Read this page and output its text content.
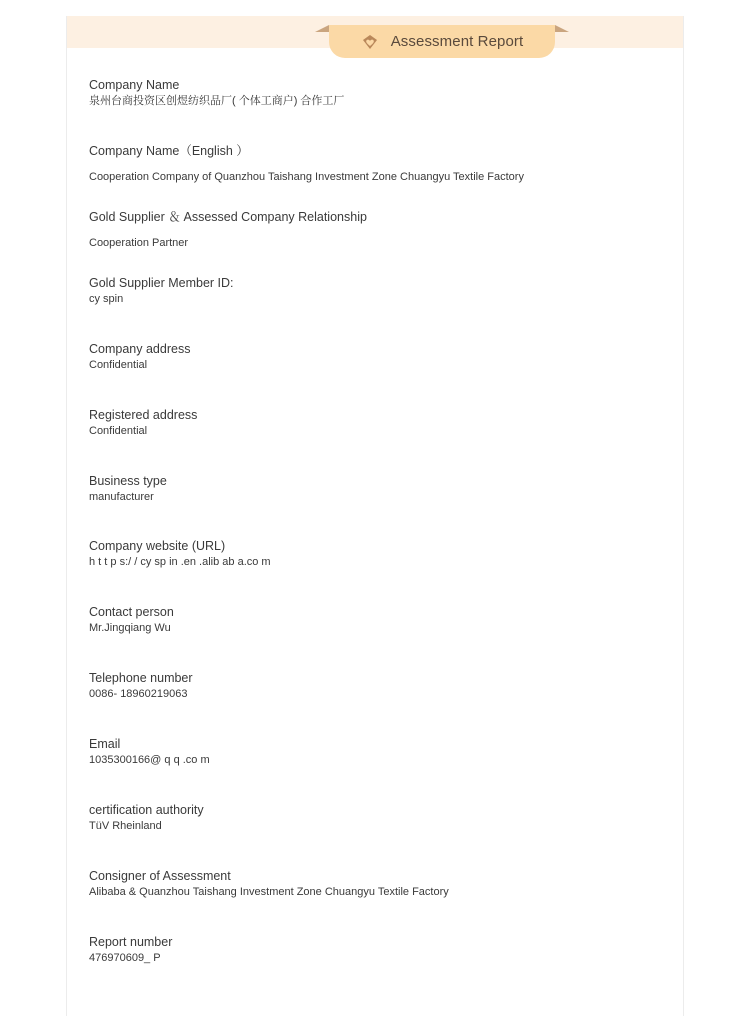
Assessment Report
Company Name
泉州台商投资区创煜纺织品厂( 个体工商户) 合作工厂
Company Name（English ）
Cooperation Company of Quanzhou Taishang Investment Zone Chuangyu Textile Factory
Gold Supplier ＆ Assessed Company Relationship
Cooperation Partner
Gold Supplier Member ID:
cy spin
Company address
Confidential
Registered address
Confidential
Business type
manufacturer
Company website (URL)
h t t p s:/ / cy sp in .en .alib ab a.co m
Contact person
Mr.Jingqiang Wu
Telephone number
0086- 18960219063
Email
1035300166@ q q .co m
certification authority
TüV Rheinland
Consigner of Assessment
Alibaba & Quanzhou Taishang Investment Zone Chuangyu Textile Factory
Report number
476970609_ P
